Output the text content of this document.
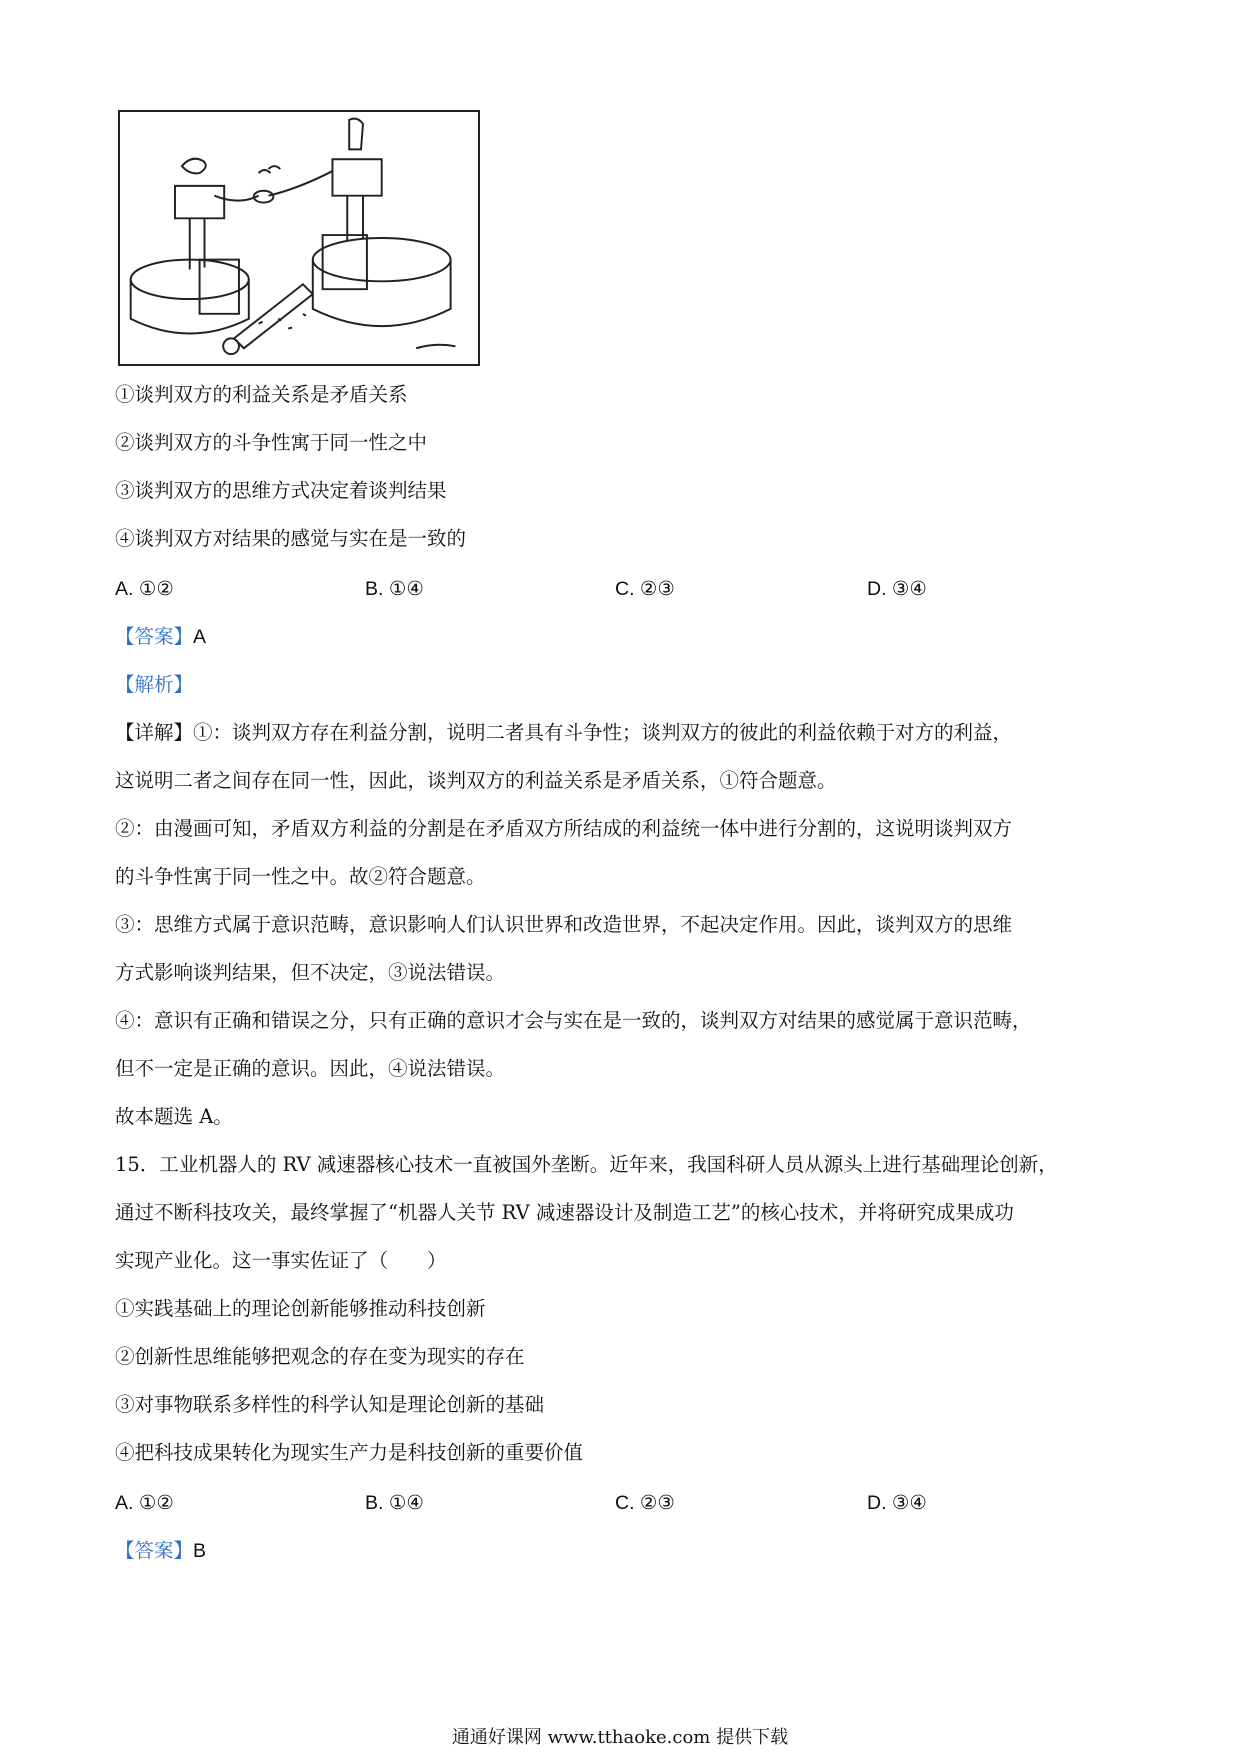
①谈判双方的利益关系是矛盾关系
②谈判双方的斗争性寓于同一性之中
③谈判双方的思维方式决定着谈判结果
④谈判双方对结果的感觉与实在是一致的
A. ①②	B. ①④	C. ②③	D. ③④
【答案】A
【解析】
【详解】①：谈判双方存在利益分割，说明二者具有斗争性；谈判双方的彼此的利益依赖于对方的利益，
这说明二者之间存在同一性，因此，谈判双方的利益关系是矛盾关系，①符合题意。
②：由漫画可知，矛盾双方利益的分割是在矛盾双方所结成的利益统一体中进行分割的，这说明谈判双方
的斗争性寓于同一性之中。故②符合题意。
③：思维方式属于意识范畴，意识影响人们认识世界和改造世界，不起决定作用。因此，谈判双方的思维
方式影响谈判结果，但不决定，③说法错误。
④：意识有正确和错误之分，只有正确的意识才会与实在是一致的，谈判双方对结果的感觉属于意识范畴，
但不一定是正确的意识。因此，④说法错误。
故本题选 A。
15．工业机器人的 RV 减速器核心技术一直被国外垄断。近年来，我国科研人员从源头上进行基础理论创新，
通过不断科技攻关，最终掌握了“机器人关节 RV 减速器设计及制造工艺”的核心技术，并将研究成果成功
实现产业化。这一事实佐证了（　　）
①实践基础上的理论创新能够推动科技创新
②创新性思维能够把观念的存在变为现实的存在
③对事物联系多样性的科学认知是理论创新的基础
④把科技成果转化为现实生产力是科技创新的重要价值
A. ①②	B. ①④	C. ②③	D. ③④
【答案】B
通通好课网 www.tthaoke.com 提供下载
